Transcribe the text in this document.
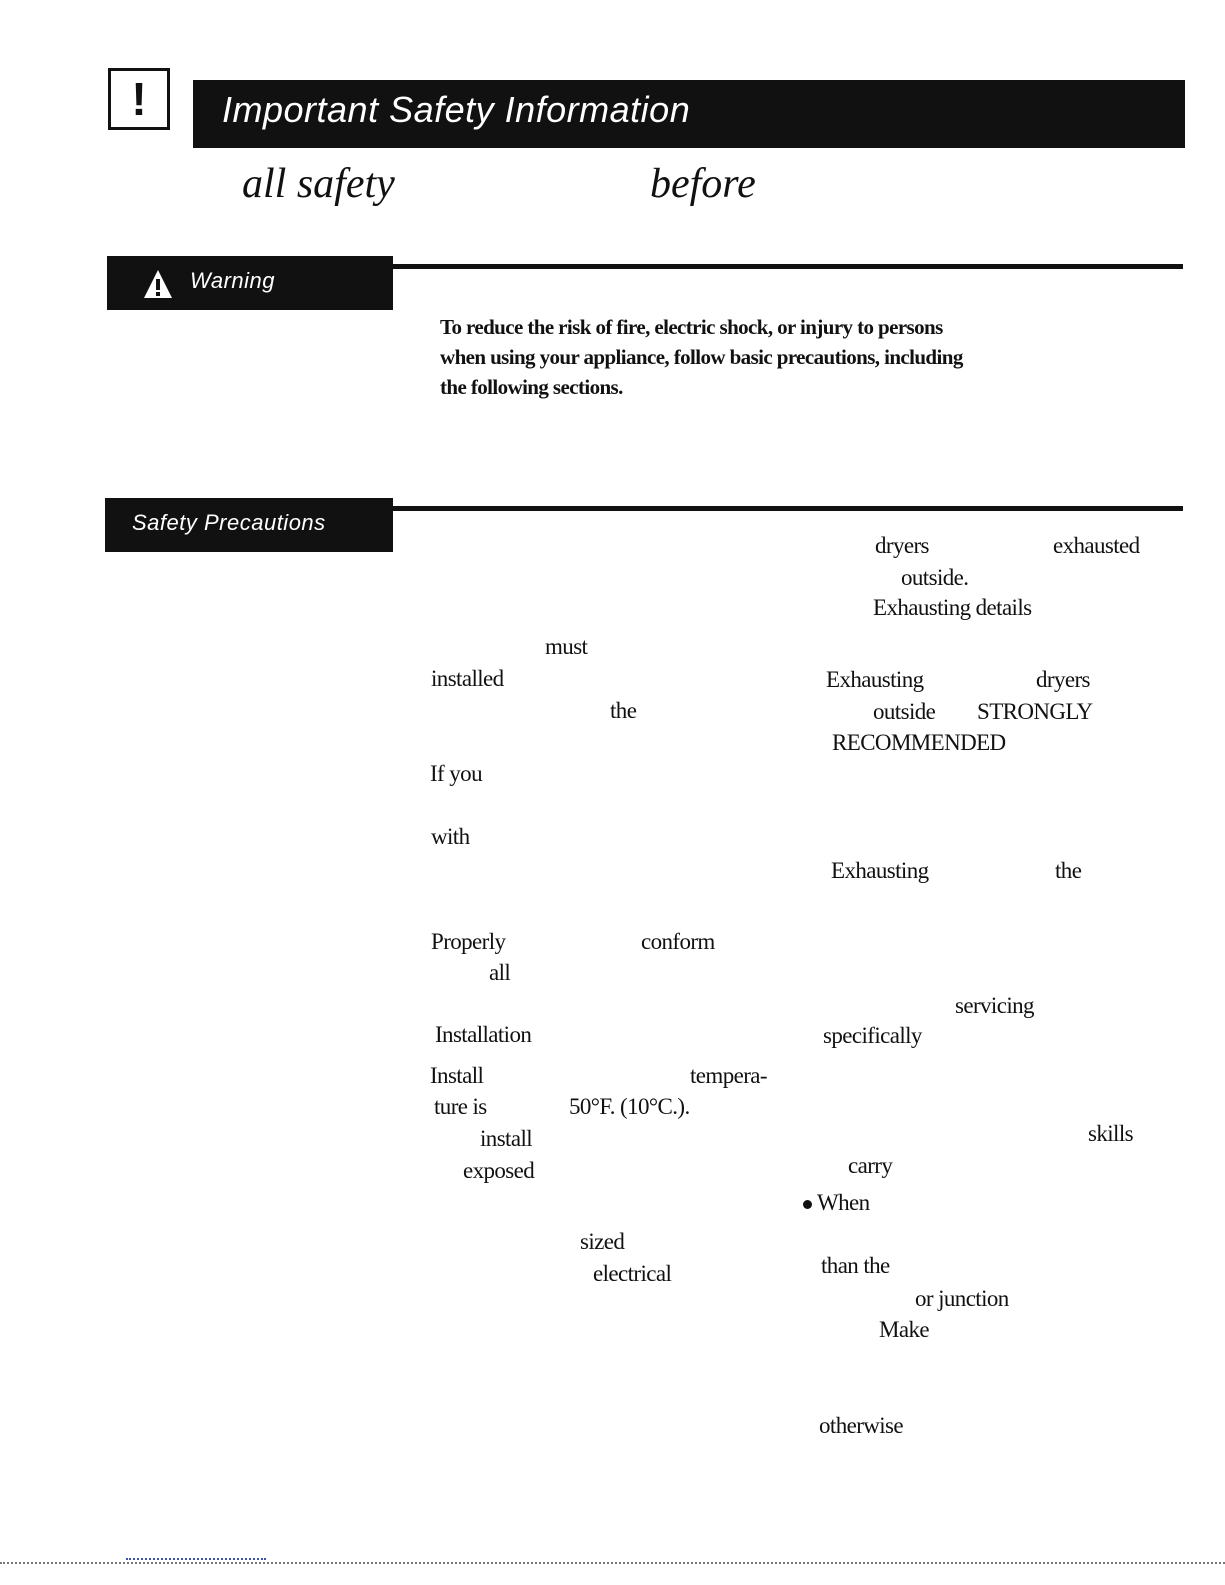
!	Important Safety Information
all safety	before
Warning
To reduce the risk of fire, electric shock, or injury to persons
when using your appliance, follow basic precautions, including
the following sections.
Safety Precautions
must
installed
the
If you
with
Properly	conform
all
Installation
Install	tempera-
ture is	50°F. (10°C.).
install
exposed
sized
electrical
dryers	exhausted
outside.
Exhausting details
Exhausting	dryers
outside STRONGLY
RECOMMENDED
Exhausting	the
servicing
specifically
skills
carry
When
than the
or junction
Make
otherwise
